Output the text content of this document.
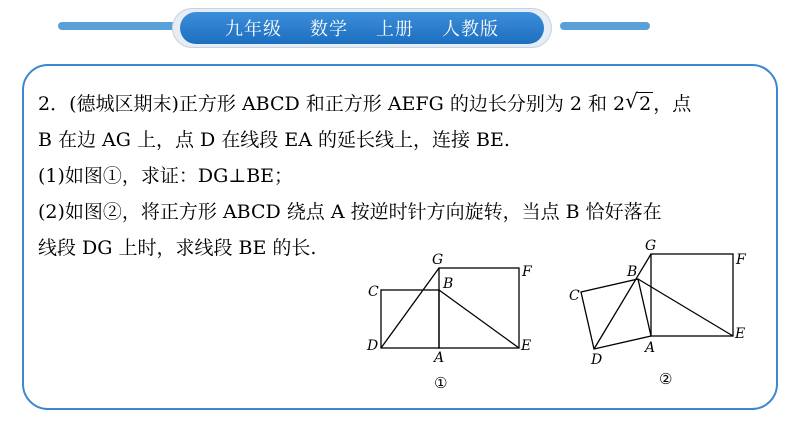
九年级 数学 上册 人教版

2．(德城区期末)正方形 ABCD 和正方形 AEFG 的边长分别为 2 和 2 √ 2 ，点

B 在边 AG 上，点 D 在线段 EA 的延长线上，连接 BE.

(1)如图①，求证：DG⊥BE；

(2)如图②，将正方形 ABCD 绕点 A 按逆时针方向旋转，当点 B 恰好落在

线段 DG 上时，求线段 BE 的长.

G
F
C	B
D
A
E
①
G
F
B
C
D
A
E
②
